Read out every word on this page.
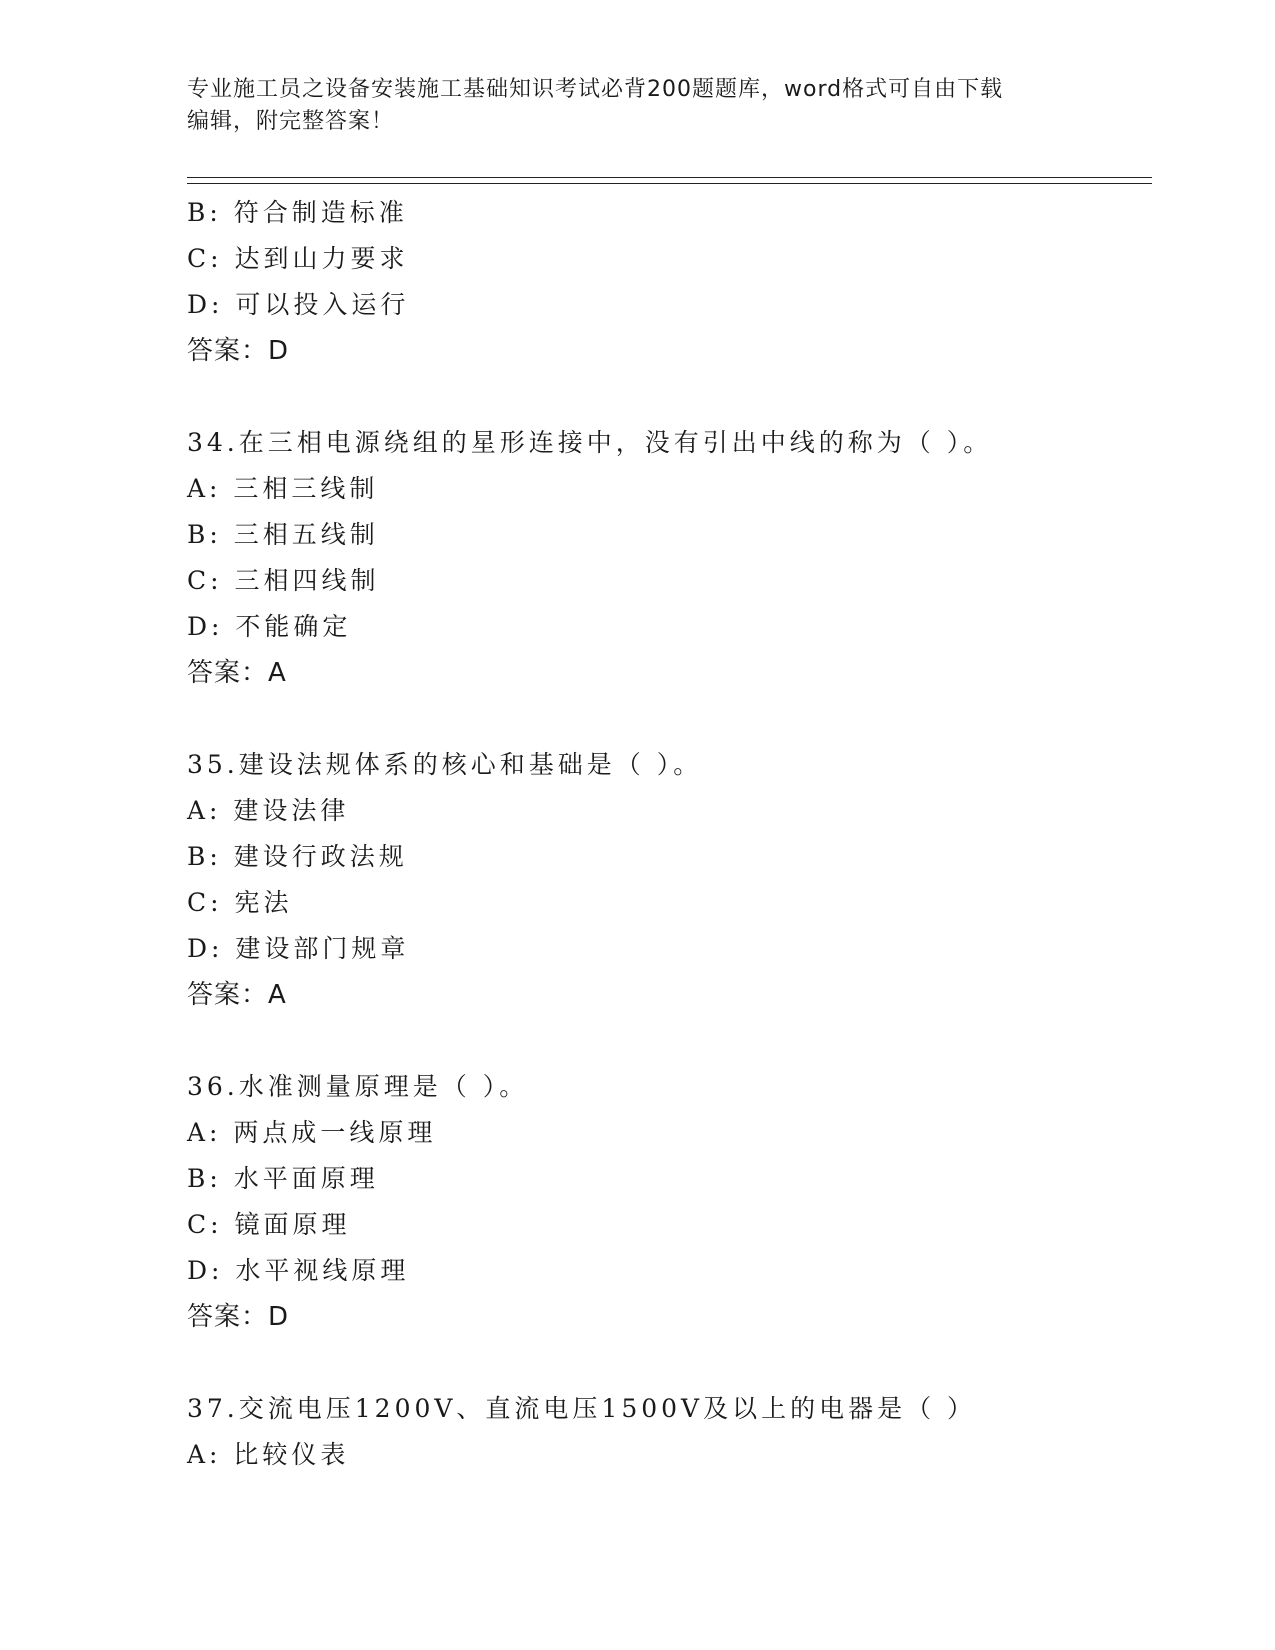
专业施工员之设备安装施工基础知识考试必背200题题库，word格式可自由下载
编辑，附完整答案！
B: 符合制造标准
C: 达到山力要求
D: 可以投入运行
答案：D
34.在三相电源绕组的星形连接中，没有引出中线的称为（ ）。
A: 三相三线制
B: 三相五线制
C: 三相四线制
D: 不能确定
答案：A
35.建设法规体系的核心和基础是（ ）。
A: 建设法律
B: 建设行政法规
C: 宪法
D: 建设部门规章
答案：A
36.水准测量原理是（ ）。
A: 两点成一线原理
B: 水平面原理
C: 镜面原理
D: 水平视线原理
答案：D
37.交流电压1200V、直流电压1500V及以上的电器是（ ）
A: 比较仪表
